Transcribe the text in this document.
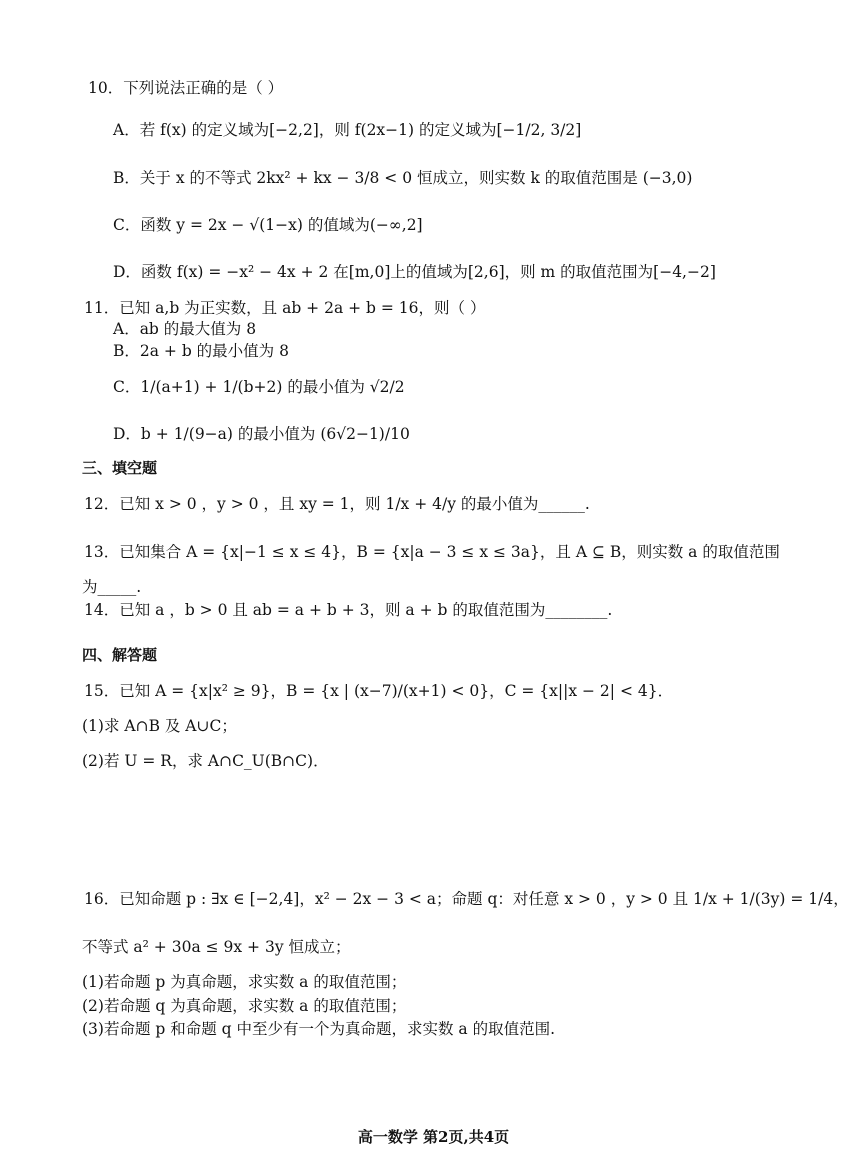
10．下列说法正确的是（ ）
A．若 f(x) 的定义域为[−2,2]，则 f(2x−1) 的定义域为[−1/2, 3/2]
B．关于 x 的不等式 2kx² + kx − 3/8 < 0 恒成立，则实数 k 的取值范围是 (−3,0)
C．函数 y = 2x − √(1−x) 的值域为(−∞,2]
D．函数 f(x) = −x² − 4x + 2 在[m,0]上的值域为[2,6]，则 m 的取值范围为[−4,−2]
11．已知 a,b 为正实数，且 ab + 2a + b = 16，则（ ）
A．ab 的最大值为 8
B．2a + b 的最小值为 8
C．1/(a+1) + 1/(b+2) 的最小值为 √2/2
D．b + 1/(9−a) 的最小值为 (6√2−1)/10
三、填空题
12．已知 x > 0 ，y > 0 ，且 xy = 1，则 1/x + 4/y 的最小值为______.
13．已知集合 A = {x|−1 ≤ x ≤ 4}，B = {x|a − 3 ≤ x ≤ 3a}，且 A ⊆ B，则实数 a 的取值范围
为_____.
14．已知 a ，b > 0 且 ab = a + b + 3，则 a + b 的取值范围为________.
四、解答题
15．已知 A = {x|x² ≥ 9}，B = {x | (x−7)/(x+1) < 0}，C = {x||x − 2| < 4}．
(1)求 A∩B 及 A∪C；
(2)若 U = R，求 A∩C_U(B∩C)．
16．已知命题 p : ∃x ∈ [−2,4]，x² − 2x − 3 < a；命题 q：对任意 x > 0 ，y > 0 且 1/x + 1/(3y) = 1/4，
不等式 a² + 30a ≤ 9x + 3y 恒成立；
(1)若命题 p 为真命题，求实数 a 的取值范围；
(2)若命题 q 为真命题，求实数 a 的取值范围；
(3)若命题 p 和命题 q 中至少有一个为真命题，求实数 a 的取值范围.
高一数学 第2页,共4页
